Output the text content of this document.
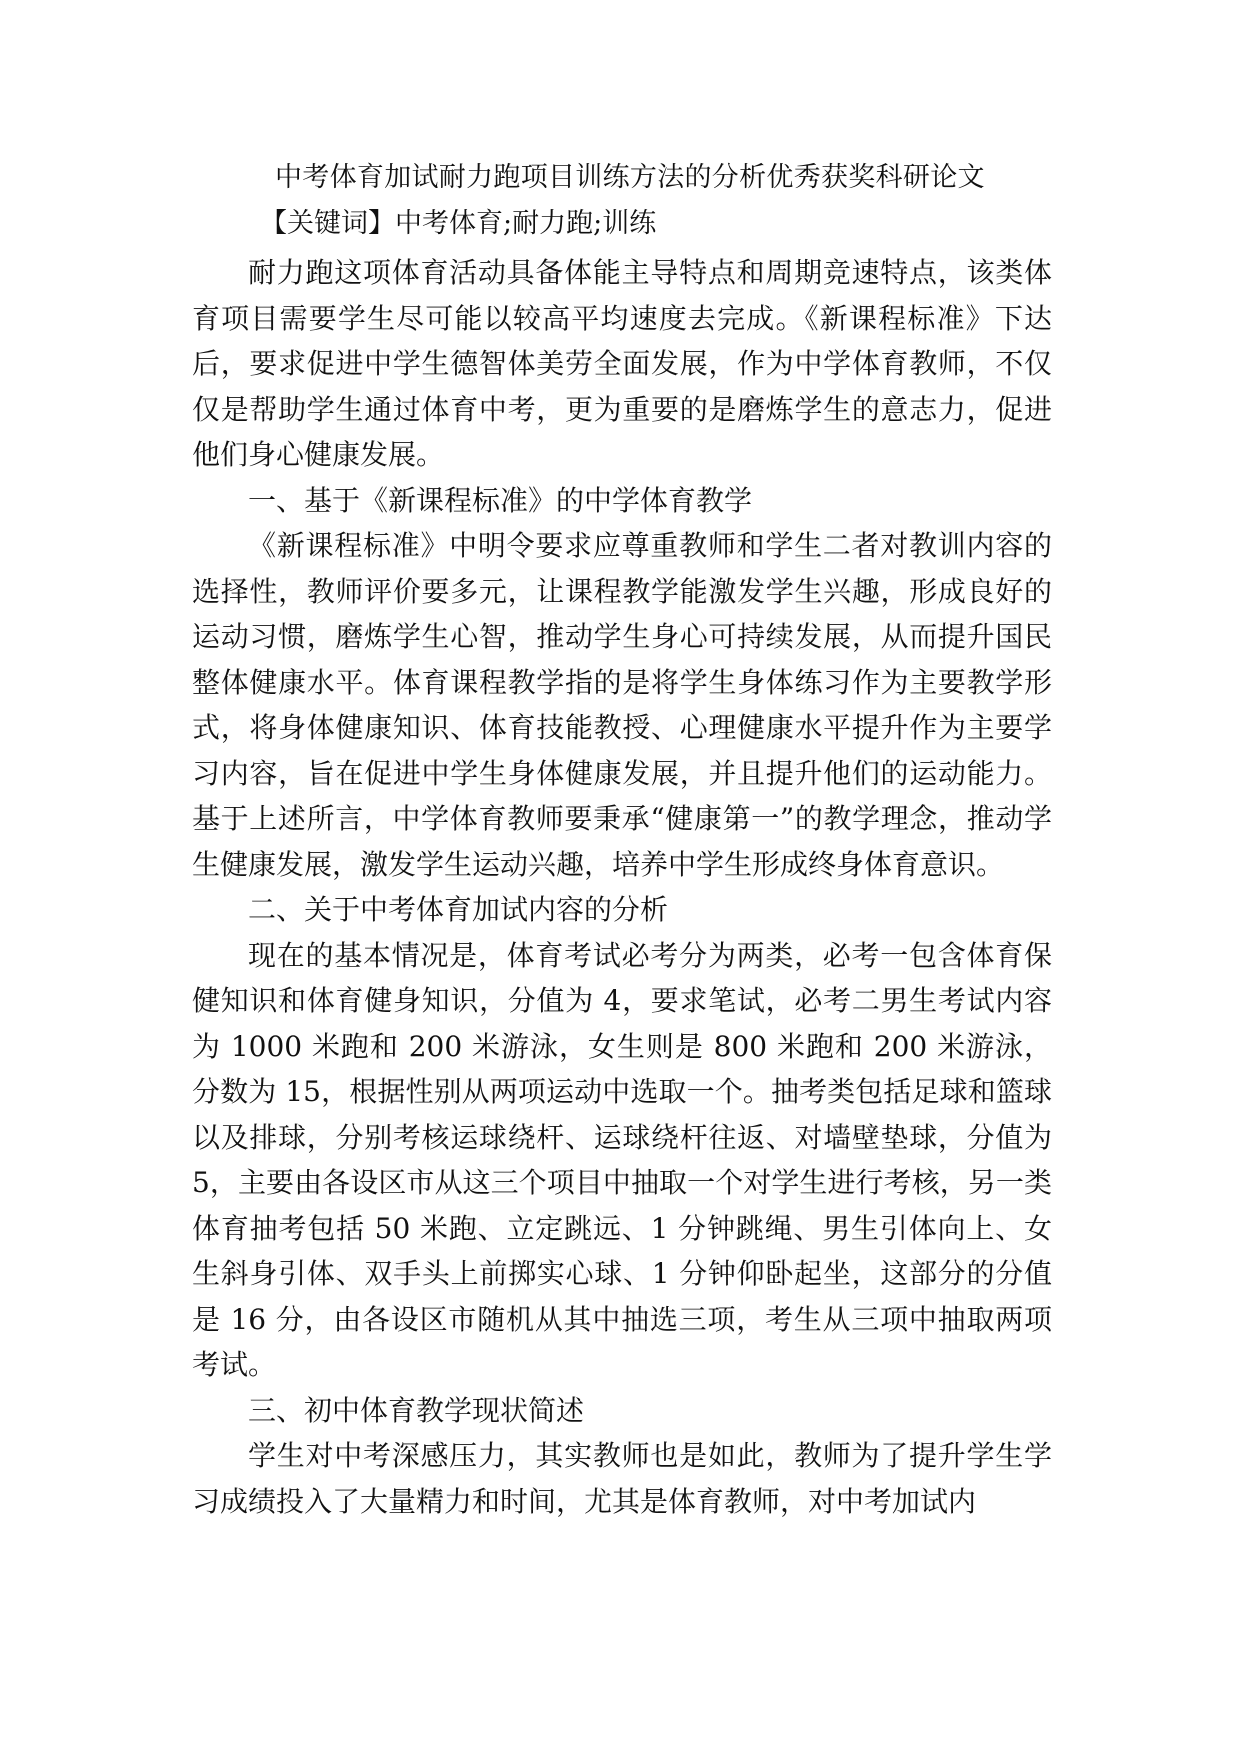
中考体育加试耐力跑项目训练方法的分析优秀获奖科研论文
【关键词】中考体育;耐力跑;训练

耐力跑这项体育活动具备体能主导特点和周期竞速特点，该类体育项目需要学生尽可能以较高平均速度去完成。《新课程标准》下达后，要求促进中学生德智体美劳全面发展，作为中学体育教师，不仅仅是帮助学生通过体育中考，更为重要的是磨炼学生的意志力，促进他们身心健康发展。

一、基于《新课程标准》的中学体育教学

《新课程标准》中明令要求应尊重教师和学生二者对教训内容的选择性，教师评价要多元，让课程教学能激发学生兴趣，形成良好的运动习惯，磨炼学生心智，推动学生身心可持续发展，从而提升国民整体健康水平。体育课程教学指的是将学生身体练习作为主要教学形式，将身体健康知识、体育技能教授、心理健康水平提升作为主要学习内容，旨在促进中学生身体健康发展，并且提升他们的运动能力。基于上述所言，中学体育教师要秉承“健康第一”的教学理念，推动学生健康发展，激发学生运动兴趣，培养中学生形成终身体育意识。

二、关于中考体育加试内容的分析

现在的基本情况是，体育考试必考分为两类，必考一包含体育保健知识和体育健身知识，分值为 4，要求笔试，必考二男生考试内容为 1000 米跑和 200 米游泳，女生则是 800 米跑和 200 米游泳，分数为 15，根据性别从两项运动中选取一个。抽考类包括足球和篮球以及排球，分别考核运球绕杆、运球绕杆往返、对墙壁垫球，分值为 5，主要由各设区市从这三个项目中抽取一个对学生进行考核，另一类体育抽考包括 50 米跑、立定跳远、1 分钟跳绳、男生引体向上、女生斜身引体、双手头上前掷实心球、1 分钟仰卧起坐，这部分的分值是 16 分，由各设区市随机从其中抽选三项，考生从三项中抽取两项考试。

三、初中体育教学现状简述

学生对中考深感压力，其实教师也是如此，教师为了提升学生学习成绩投入了大量精力和时间，尤其是体育教师，对中考加试内
